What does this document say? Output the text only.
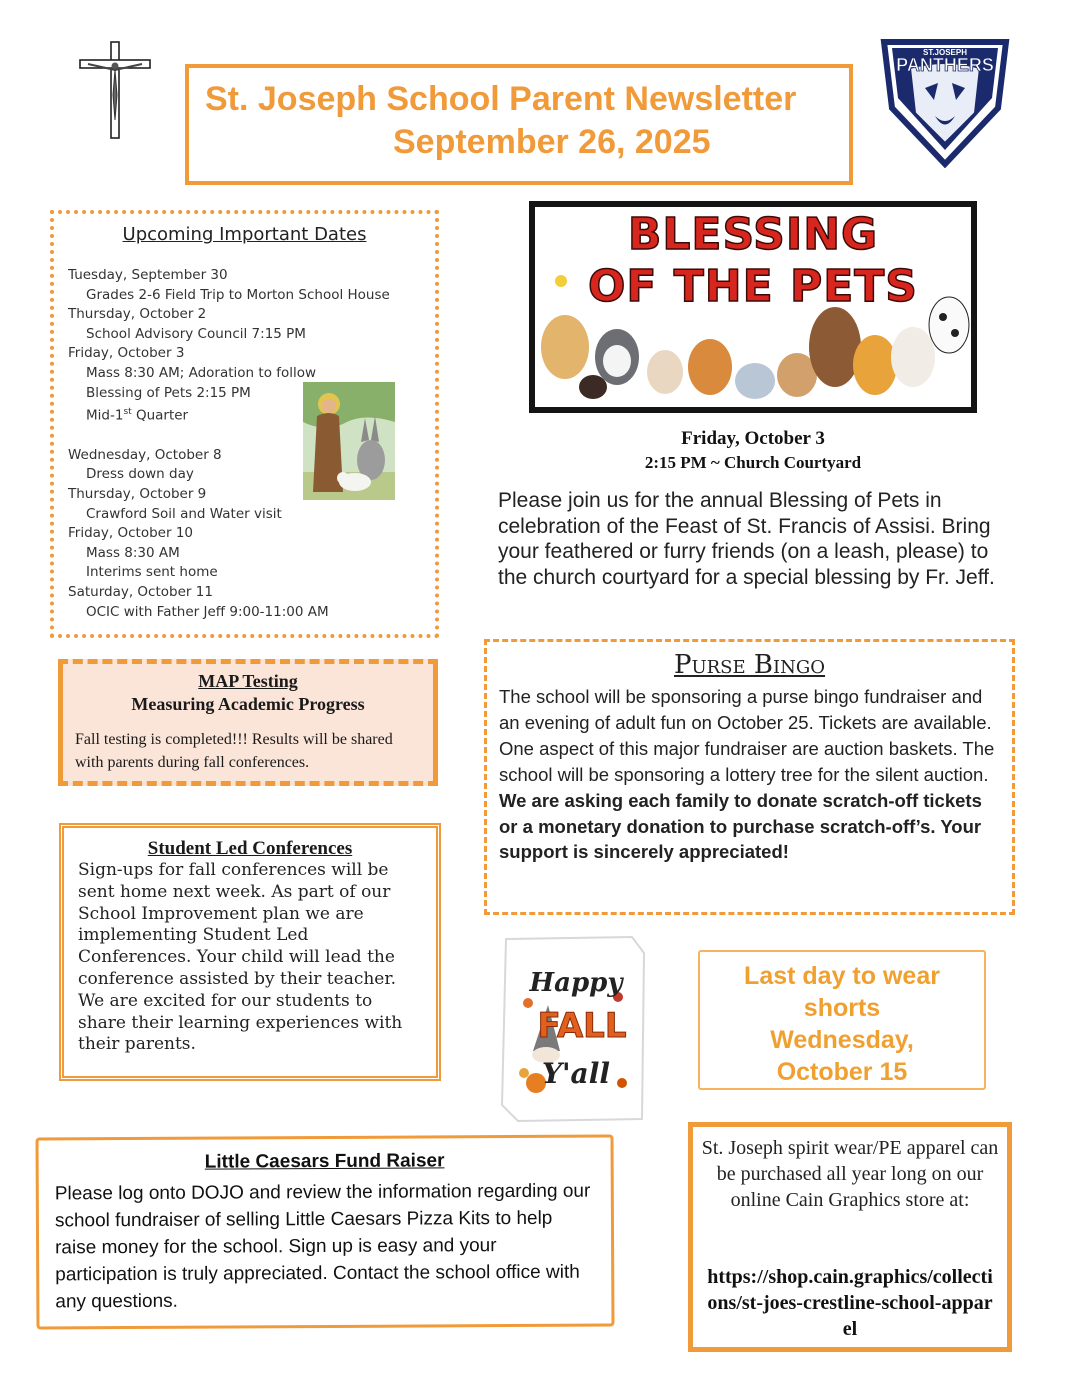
St. Joseph School Parent Newsletter
September 26, 2025
ST.JOSEPH
PANTHERS
Upcoming Important Dates
Tuesday, September 30
Grades 2-6 Field Trip to Morton School House
Thursday, October 2
School Advisory Council 7:15 PM
Friday, October 3
Mass 8:30 AM; Adoration to follow
Blessing of Pets 2:15 PM
Mid-1st Quarter
Wednesday, October 8
Dress down day
Thursday, October 9
Crawford Soil and Water visit
Friday, October 10
Mass 8:30 AM
Interims sent home
Saturday, October 11
OCIC with Father Jeff 9:00-11:00 AM
BLESSING
OF THE PETS
Friday, October 3
2:15 PM ~ Church Courtyard
Please join us for the annual Blessing of Pets in celebration of the Feast of St. Francis of Assisi. Bring your feathered or furry friends (on a leash, please) to the church courtyard for a special blessing by Fr. Jeff.
MAP Testing
Measuring Academic Progress
Fall testing is completed!!! Results will be shared with parents during fall conferences.
Purse Bingo
The school will be sponsoring a purse bingo fundraiser and an evening of adult fun on October 25. Tickets are available. One aspect of this major fundraiser are auction baskets. The school will be sponsoring a lottery tree for the silent auction. We are asking each family to donate scratch-off tickets or a monetary donation to purchase scratch-off’s. Your support is sincerely appreciated!
Student Led Conferences
Sign-ups for fall conferences will be sent home next week. As part of our School Improvement plan we are implementing Student Led Conferences. Your child will lead the conference assisted by their teacher. We are excited for our students to share their learning experiences with their parents.
Happy
FALL
Y'all
Last day to wear
shorts
Wednesday,
October 15
Little Caesars Fund Raiser
Please log onto DOJO and review the information regarding our school fundraiser of selling Little Caesars Pizza Kits to help raise money for the school. Sign up is easy and your participation is truly appreciated. Contact the school office with any questions.
St. Joseph spirit wear/PE apparel can be purchased all year long on our online Cain Graphics store at:
https://shop.cain.graphics/collections/st-joes-crestline-school-apparel
